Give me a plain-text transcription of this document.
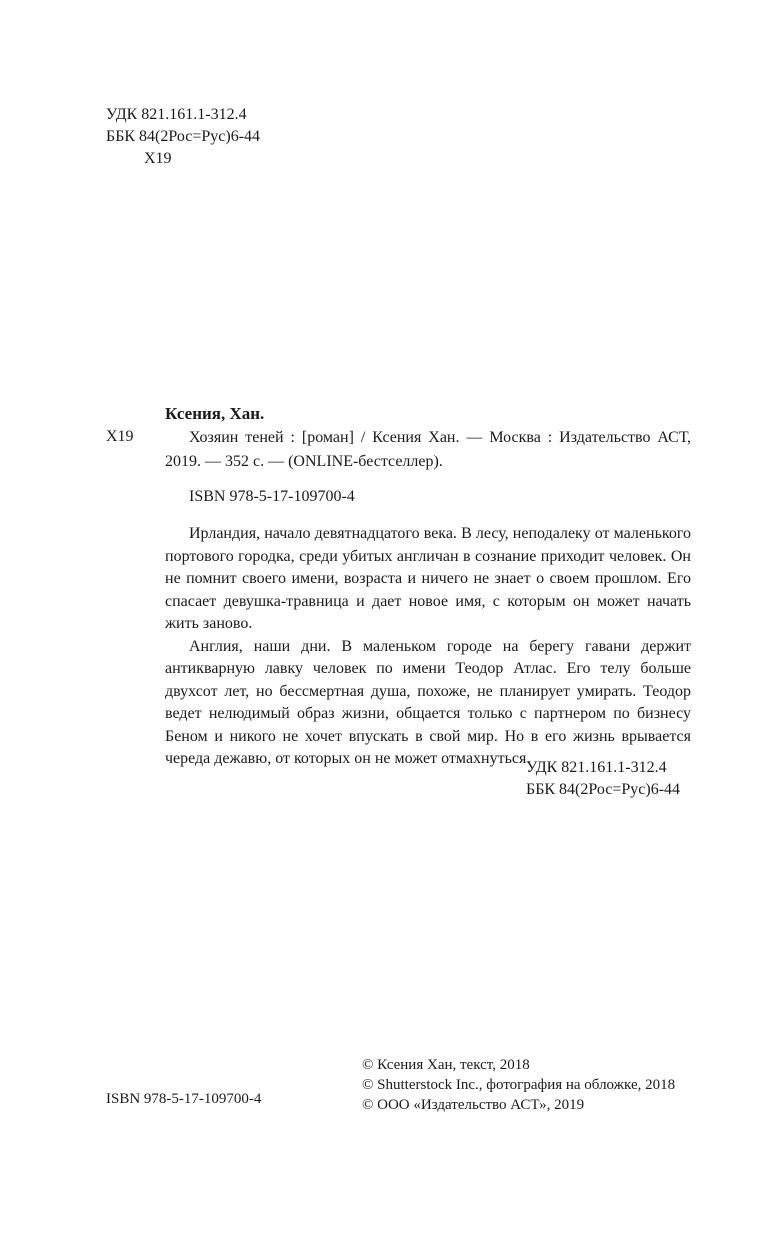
УДК 821.161.1-312.4
ББК 84(2Рос=Рус)6-44
Х19
Х19
Ксения, Хан.
Хозяин теней : [роман] / Ксения Хан. — Москва : Издательство АСТ, 2019. — 352 с. — (ONLINE-бестселлер).
ISBN 978-5-17-109700-4

Ирландия, начало девятнадцатого века. В лесу, неподалеку от маленького портового городка, среди убитых англичан в сознание приходит человек. Он не помнит своего имени, возраста и ничего не знает о своем прошлом. Его спасает девушка-травница и дает новое имя, с которым он может начать жить заново.

Англия, наши дни. В маленьком городе на берегу гавани держит антикварную лавку человек по имени Теодор Атлас. Его телу больше двухсот лет, но бессмертная душа, похоже, не планирует умирать. Теодор ведет нелюдимый образ жизни, общается только с партнером по бизнесу Беном и никого не хочет впускать в свой мир. Но в его жизнь врывается череда дежавю, от которых он не может отмахнуться.

УДК 821.161.1-312.4
ББК 84(2Рос=Рус)6-44
© Ксения Хан, текст, 2018
© Shutterstock Inc., фотография на обложке, 2018
© ООО «Издательство АСТ», 2019
ISBN 978-5-17-109700-4
